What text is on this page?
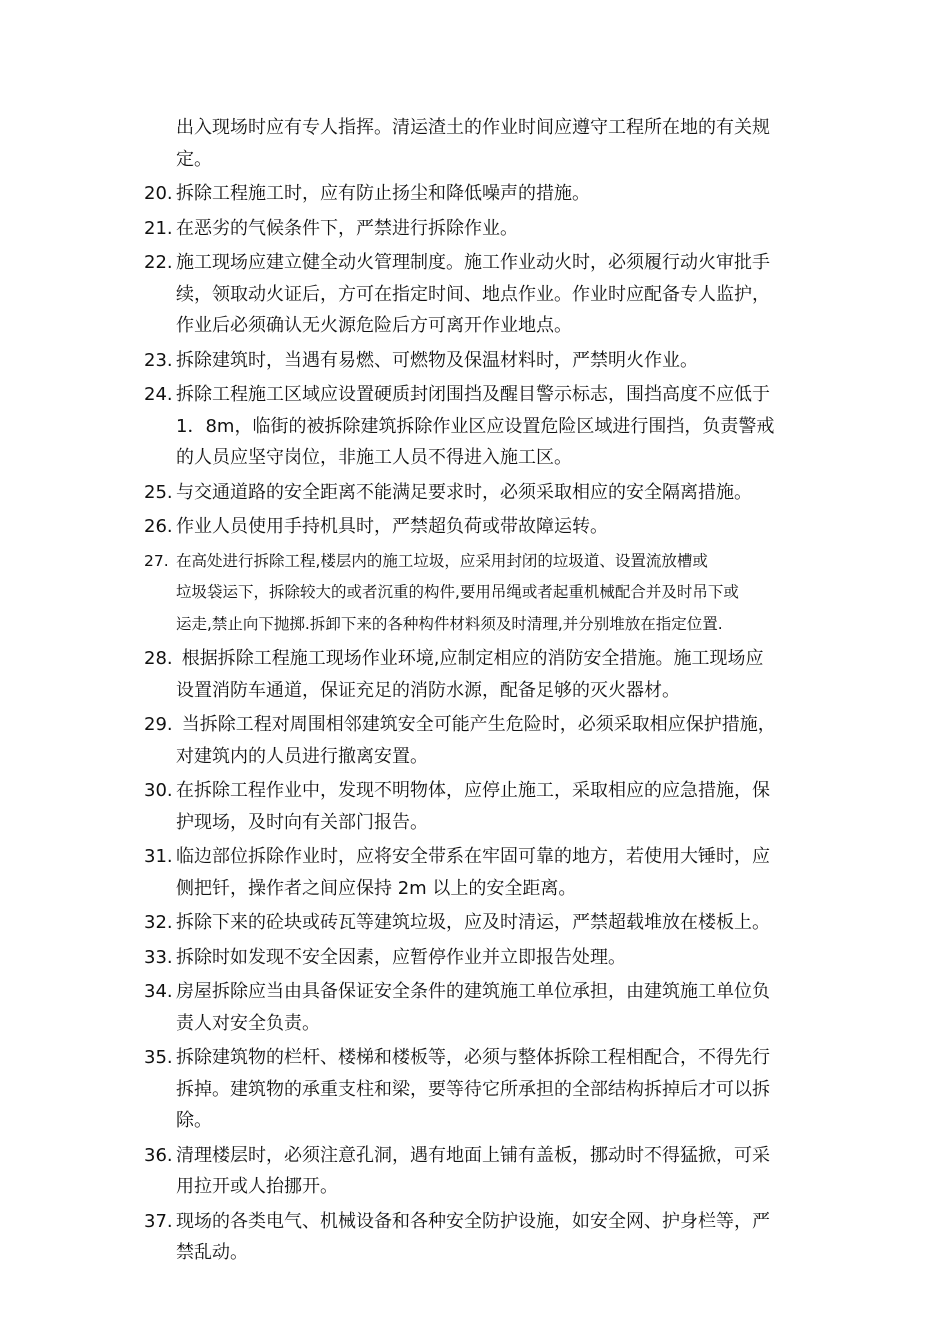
出入现场时应有专人指挥。清运渣土的作业时间应遵守工程所在地的有关规
定。
20. 拆除工程施工时，应有防止扬尘和降低噪声的措施。
21. 在恶劣的气候条件下，严禁进行拆除作业。
22. 施工现场应建立健全动火管理制度。施工作业动火时，必须履行动火审批手
续，领取动火证后，方可在指定时间、地点作业。作业时应配备专人监护，
作业后必须确认无火源危险后方可离开作业地点。
23. 拆除建筑时，当遇有易燃、可燃物及保温材料时，严禁明火作业。
24. 拆除工程施工区域应设置硬质封闭围挡及醒目警示标志，围挡高度不应低于
1．8m，临街的被拆除建筑拆除作业区应设置危险区域进行围挡，负责警戒
的人员应坚守岗位，非施工人员不得进入施工区。
25. 与交通道路的安全距离不能满足要求时，必须采取相应的安全隔离措施。
26. 作业人员使用手持机具时，严禁超负荷或带故障运转。
27. 在高处进行拆除工程,楼层内的施工垃圾，应采用封闭的垃圾道、设置流放槽或
垃圾袋运下，拆除较大的或者沉重的构件,要用吊绳或者起重机械配合并及时吊下或
运走,禁止向下抛掷.拆卸下来的各种构件材料须及时清理,并分别堆放在指定位置.
28. 根据拆除工程施工现场作业环境,应制定相应的消防安全措施。施工现场应
设置消防车通道，保证充足的消防水源，配备足够的灭火器材。
29. 当拆除工程对周围相邻建筑安全可能产生危险时，必须采取相应保护措施，
对建筑内的人员进行撤离安置。
30. 在拆除工程作业中，发现不明物体，应停止施工，采取相应的应急措施，保
护现场，及时向有关部门报告。
31. 临边部位拆除作业时，应将安全带系在牢固可靠的地方，若使用大锤时，应
侧把钎，操作者之间应保持 2m 以上的安全距离。
32. 拆除下来的砼块或砖瓦等建筑垃圾，应及时清运，严禁超载堆放在楼板上。
33. 拆除时如发现不安全因素，应暂停作业并立即报告处理。
34. 房屋拆除应当由具备保证安全条件的建筑施工单位承担，由建筑施工单位负
责人对安全负责。
35. 拆除建筑物的栏杆、楼梯和楼板等，必须与整体拆除工程相配合，不得先行
拆掉。建筑物的承重支柱和梁，要等待它所承担的全部结构拆掉后才可以拆
除。
36. 清理楼层时，必须注意孔洞，遇有地面上铺有盖板，挪动时不得猛掀，可采
用拉开或人抬挪开。
37. 现场的各类电气、机械设备和各种安全防护设施，如安全网、护身栏等，严
禁乱动。
